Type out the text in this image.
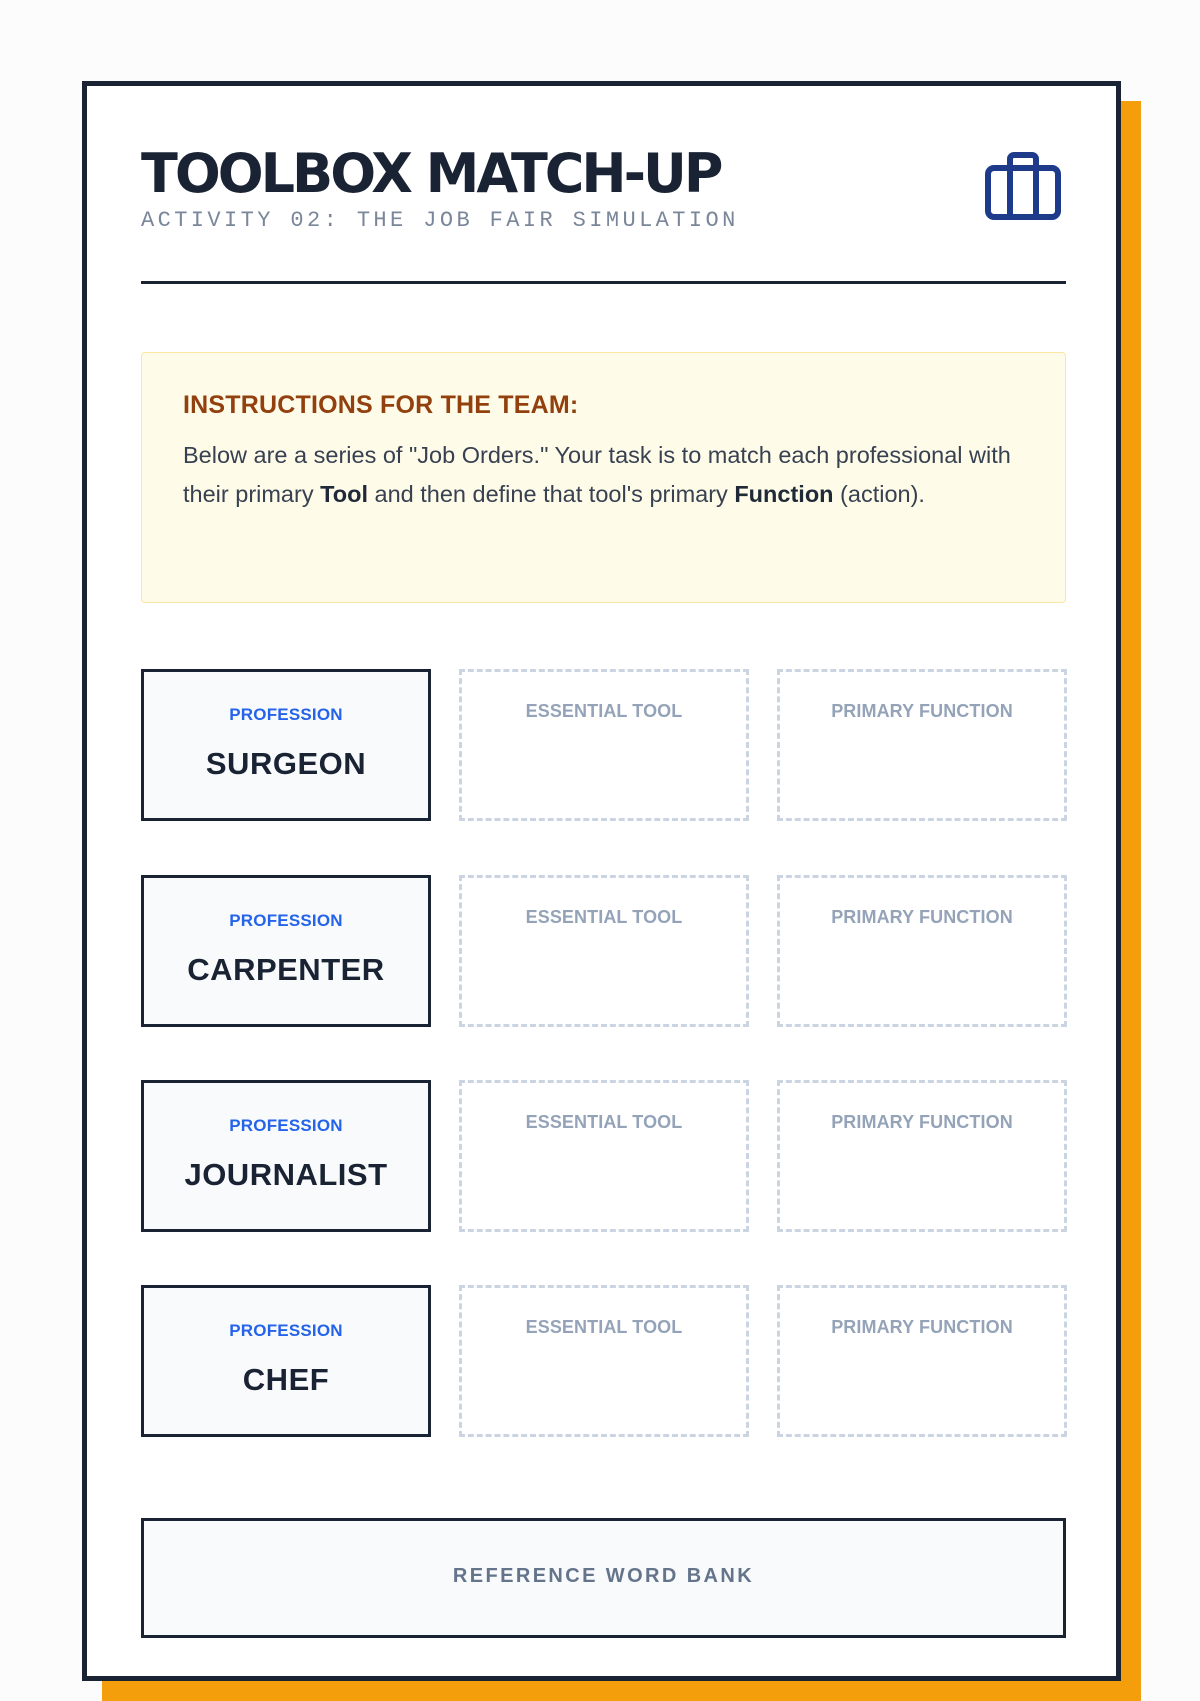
TOOLBOX MATCH-UP
ACTIVITY 02: THE JOB FAIR SIMULATION
INSTRUCTIONS FOR THE TEAM:

Below are a series of "Job Orders." Your task is to match each professional with their primary Tool and then define that tool's primary Function (action).

PROFESSION
SURGEON
ESSENTIAL TOOL	PRIMARY FUNCTION
PROFESSION
CARPENTER
ESSENTIAL TOOL	PRIMARY FUNCTION
PROFESSION
JOURNALIST
ESSENTIAL TOOL	PRIMARY FUNCTION
PROFESSION
CHEF
ESSENTIAL TOOL	PRIMARY FUNCTION
REFERENCE WORD BANK
